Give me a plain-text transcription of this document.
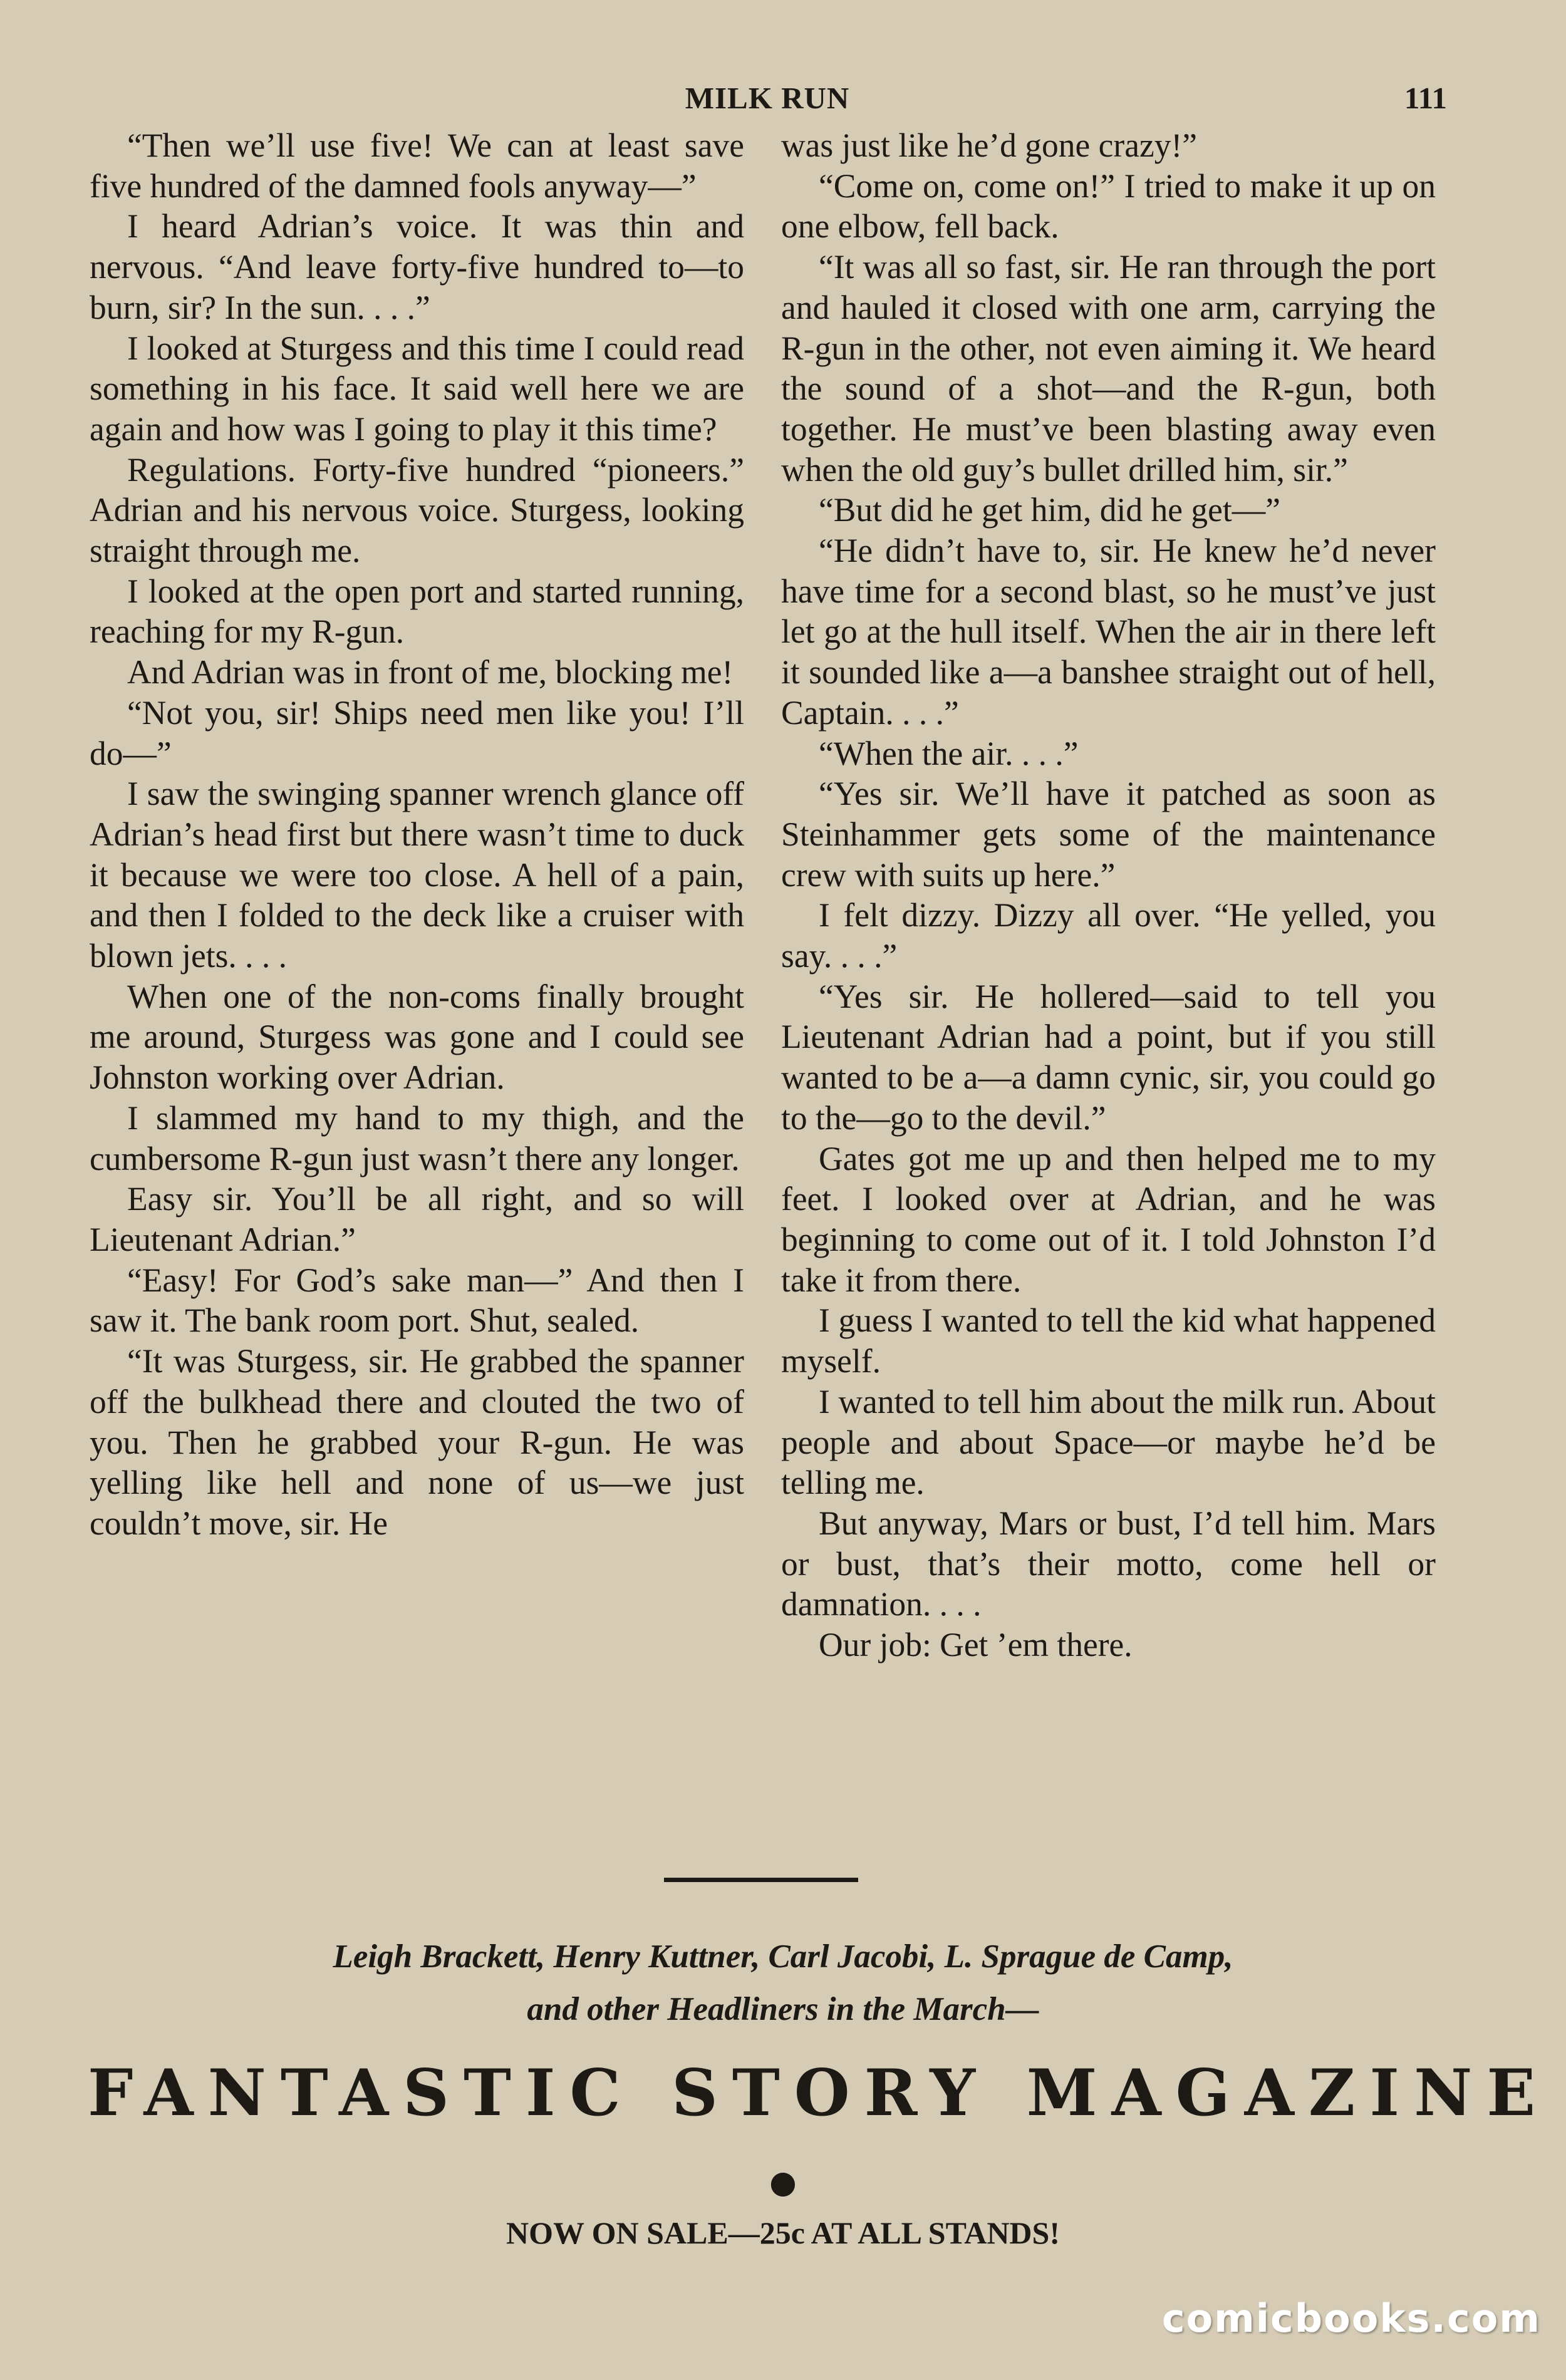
MILK RUN	111

“Then we’ll use five! We can at least save five hundred of the damned fools anyway—”

I heard Adrian’s voice. It was thin and nervous. “And leave forty-five hundred to—to burn, sir? In the sun. . . .”

I looked at Sturgess and this time I could read something in his face. It said well here we are again and how was I going to play it this time?

Regulations. Forty-five hundred “pioneers.” Adrian and his nervous voice. Sturgess, looking straight through me.

I looked at the open port and started running, reaching for my R-gun.

And Adrian was in front of me, blocking me!

“Not you, sir! Ships need men like you! I’ll do—”

I saw the swinging spanner wrench glance off Adrian’s head first but there wasn’t time to duck it because we were too close. A hell of a pain, and then I folded to the deck like a cruiser with blown jets. . . .

When one of the non-coms finally brought me around, Sturgess was gone and I could see Johnston working over Adrian.

I slammed my hand to my thigh, and the cumbersome R-gun just wasn’t there any longer.

Easy sir. You’ll be all right, and so will Lieutenant Adrian.”

“Easy! For God’s sake man—” And then I saw it. The bank room port. Shut, sealed.

“It was Sturgess, sir. He grabbed the spanner off the bulkhead there and clouted the two of you. Then he grabbed your R-gun. He was yelling like hell and none of us—we just couldn’t move, sir. He

was just like he’d gone crazy!”

“Come on, come on!” I tried to make it up on one elbow, fell back.

“It was all so fast, sir. He ran through the port and hauled it closed with one arm, carrying the R-gun in the other, not even aiming it. We heard the sound of a shot—and the R-gun, both together. He must’ve been blasting away even when the old guy’s bullet drilled him, sir.”

“But did he get him, did he get—”

“He didn’t have to, sir. He knew he’d never have time for a second blast, so he must’ve just let go at the hull itself. When the air in there left it sounded like a—a banshee straight out of hell, Captain. . . .”

“When the air. . . .”

“Yes sir. We’ll have it patched as soon as Steinhammer gets some of the maintenance crew with suits up here.”

I felt dizzy. Dizzy all over. “He yelled, you say. . . .”

“Yes sir. He hollered—said to tell you Lieutenant Adrian had a point, but if you still wanted to be a—a damn cynic, sir, you could go to the—go to the devil.”

Gates got me up and then helped me to my feet. I looked over at Adrian, and he was beginning to come out of it. I told Johnston I’d take it from there.

I guess I wanted to tell the kid what happened myself.

I wanted to tell him about the milk run. About people and about Space—or maybe he’d be telling me.

But anyway, Mars or bust, I’d tell him. Mars or bust, that’s their motto, come hell or damnation. . . .

Our job: Get ’em there.

Leigh Brackett, Henry Kuttner, Carl Jacobi, L. Sprague de Camp,
and other Headliners in the March—
FANTASTIC STORY MAGAZINE
●
NOW ON SALE—25c AT ALL STANDS!
comicbooks.com
